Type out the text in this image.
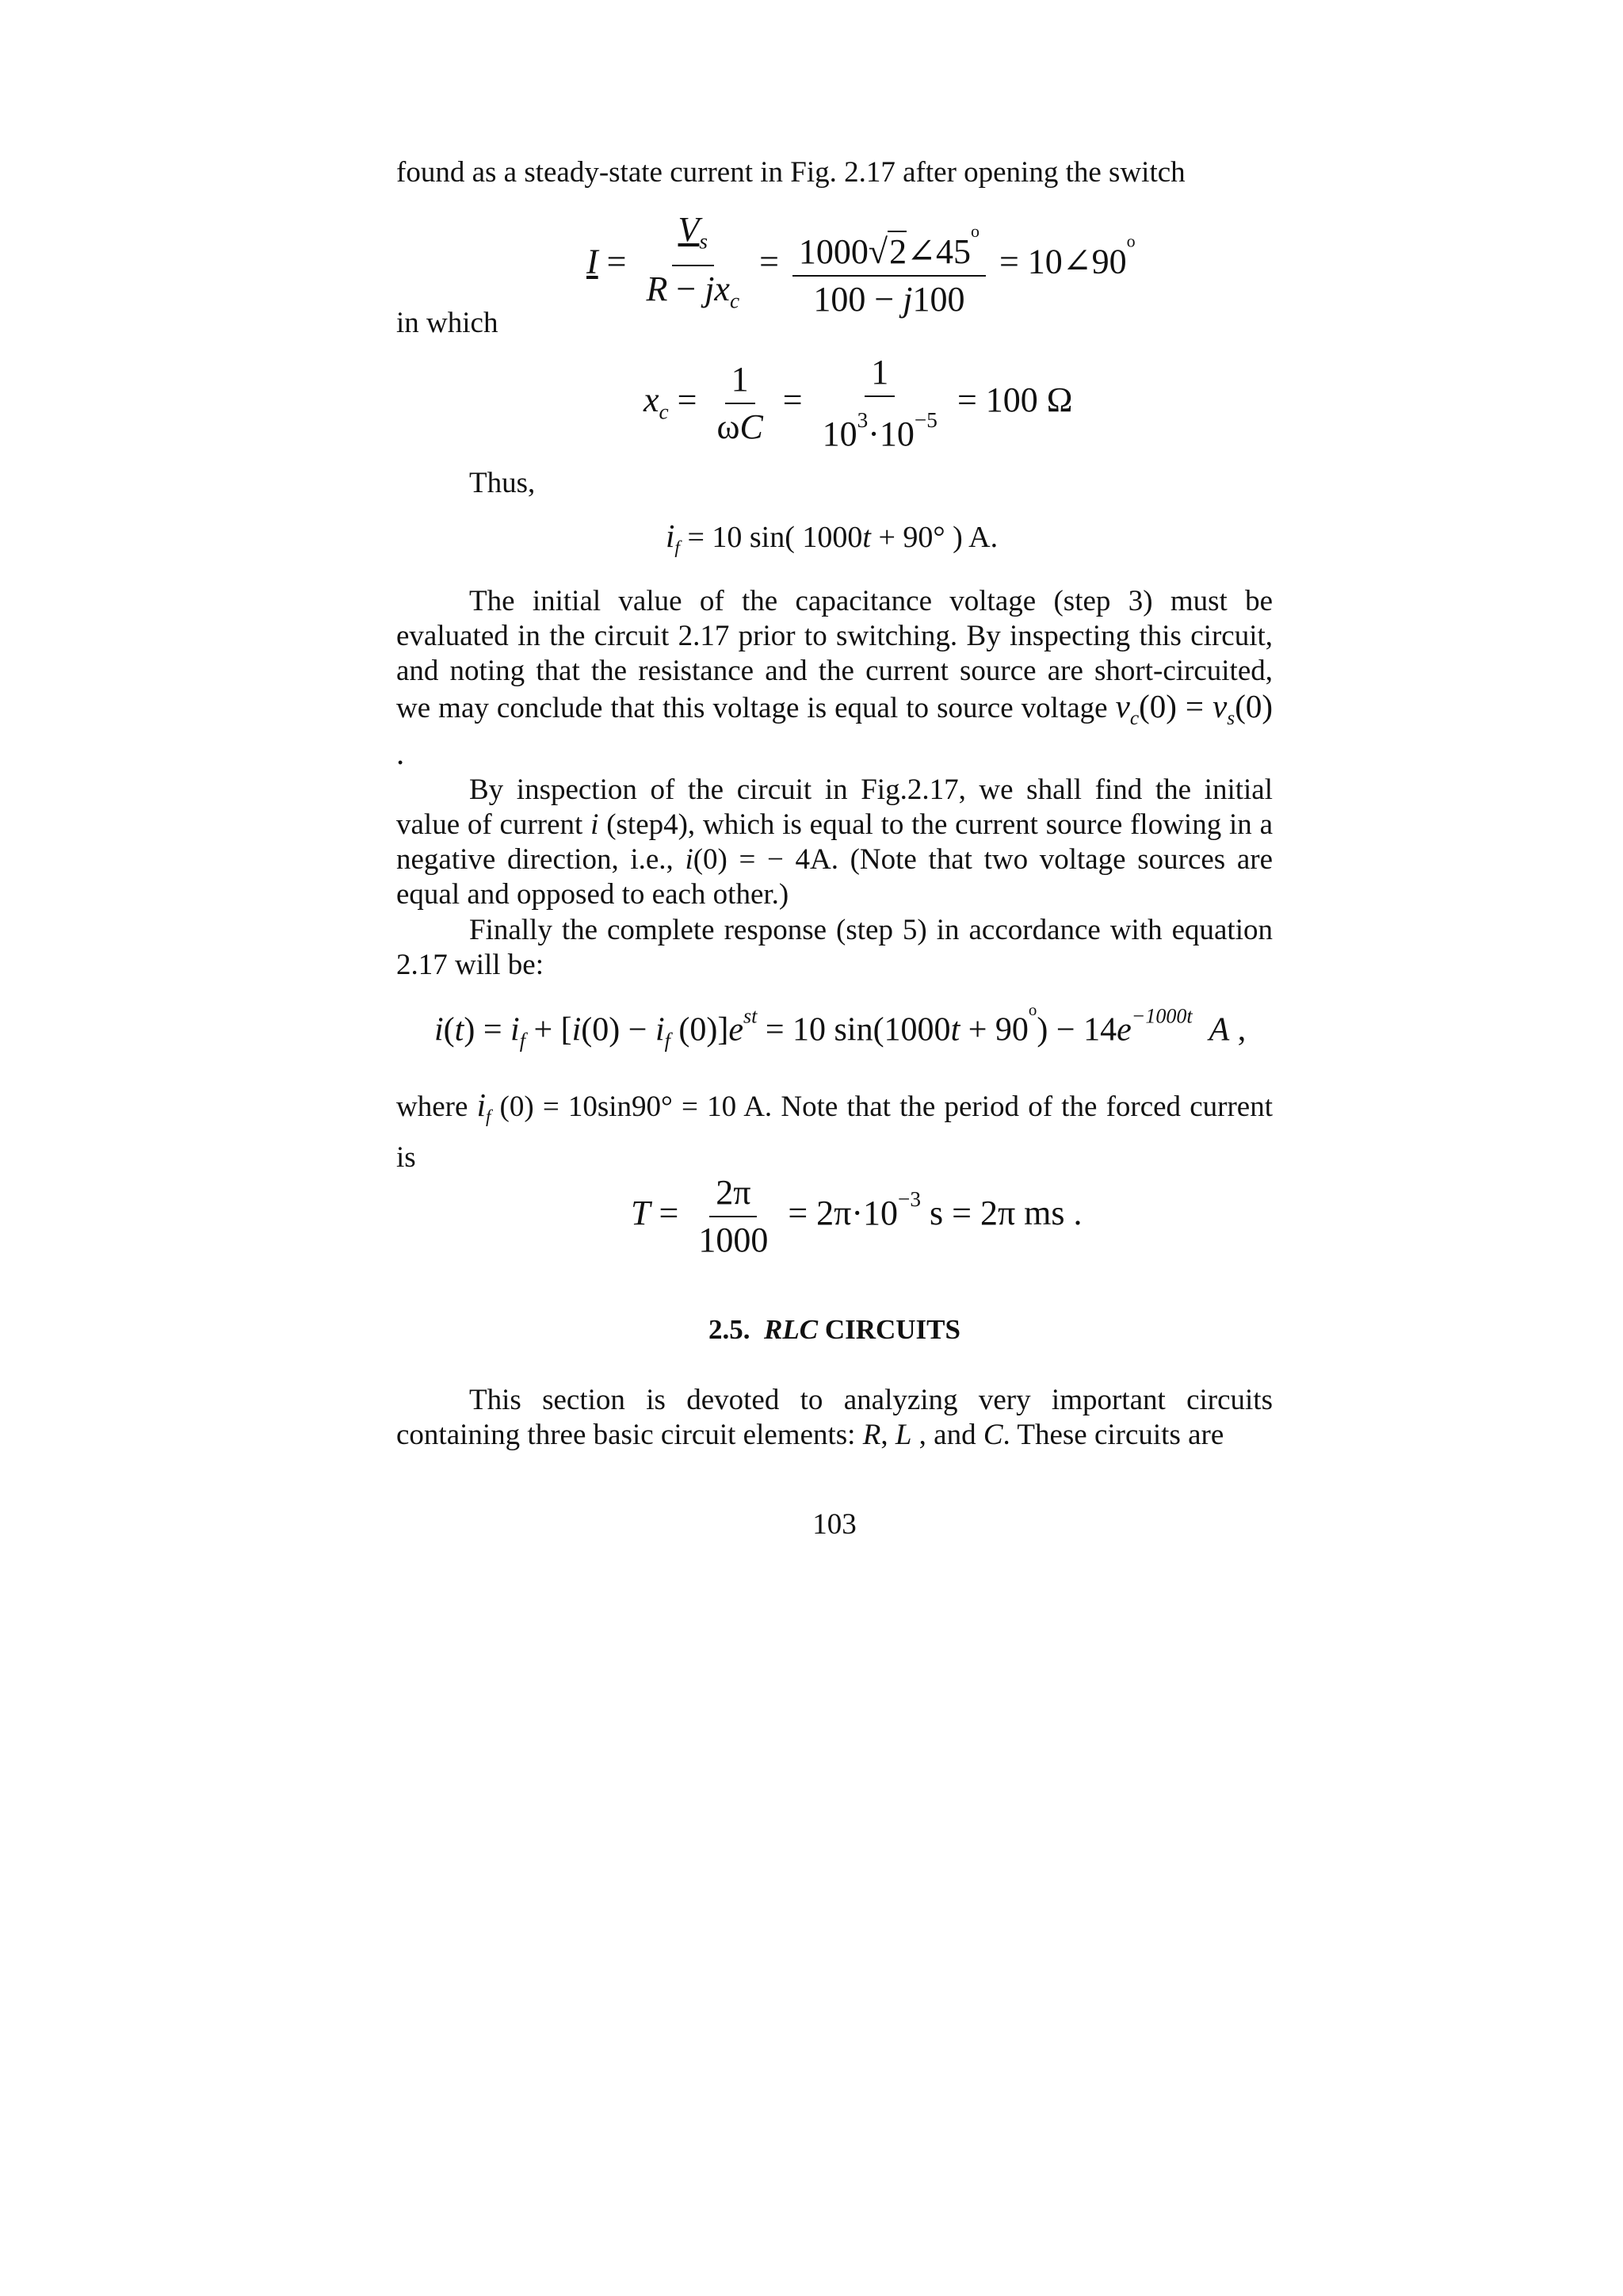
found as a steady-state current in Fig. 2.17 after opening the switch
$I = \frac{V_s}{R - jx_c} = \frac{1000√2\angle 45^o}{100 - j100}$ = $10\angle 90^o$
in which
$x_c = \frac{1}{\omega C} = \frac{1}{10^3\cdot 10^{-5}} = 100$ Ω
Thus,
$i_f = 10$ sin( 1000t + 90° ) A.
The initial value of the capacitance voltage (step 3) must be evaluated in the circuit 2.17 prior to switching. By inspecting this circuit, and noting that the resistance and the current source are short-circuited, we may conclude that this voltage is equal to source voltage $v_c(0) = v_s(0)$ .
By inspection of the circuit in Fig.2.17, we shall find the initial value of current i (step4), which is equal to the current source flowing in a negative direction, i.e., i(0) = − 4A. (Note that two voltage sources are equal and opposed to each other.)
Finally the complete response (step 5) in accordance with equation 2.17 will be:
$i(t) = i_f + [i(0) - i_f$ $(0)]e^{st} = 10$ $\sin(1000t + 90^o) - 14e^{-1000t}$ A ,
where $i_f$ (0) = 10sin90° = 10 A. Note that the period of the forced current is
$T = \frac{2\pi}{1000} = 2\pi\cdot 10^{-3}$ s = 2π ms .
2.5. RLC CIRCUITS
This section is devoted to analyzing very important circuits containing three basic circuit elements: R, L , and C. These circuits are
103
